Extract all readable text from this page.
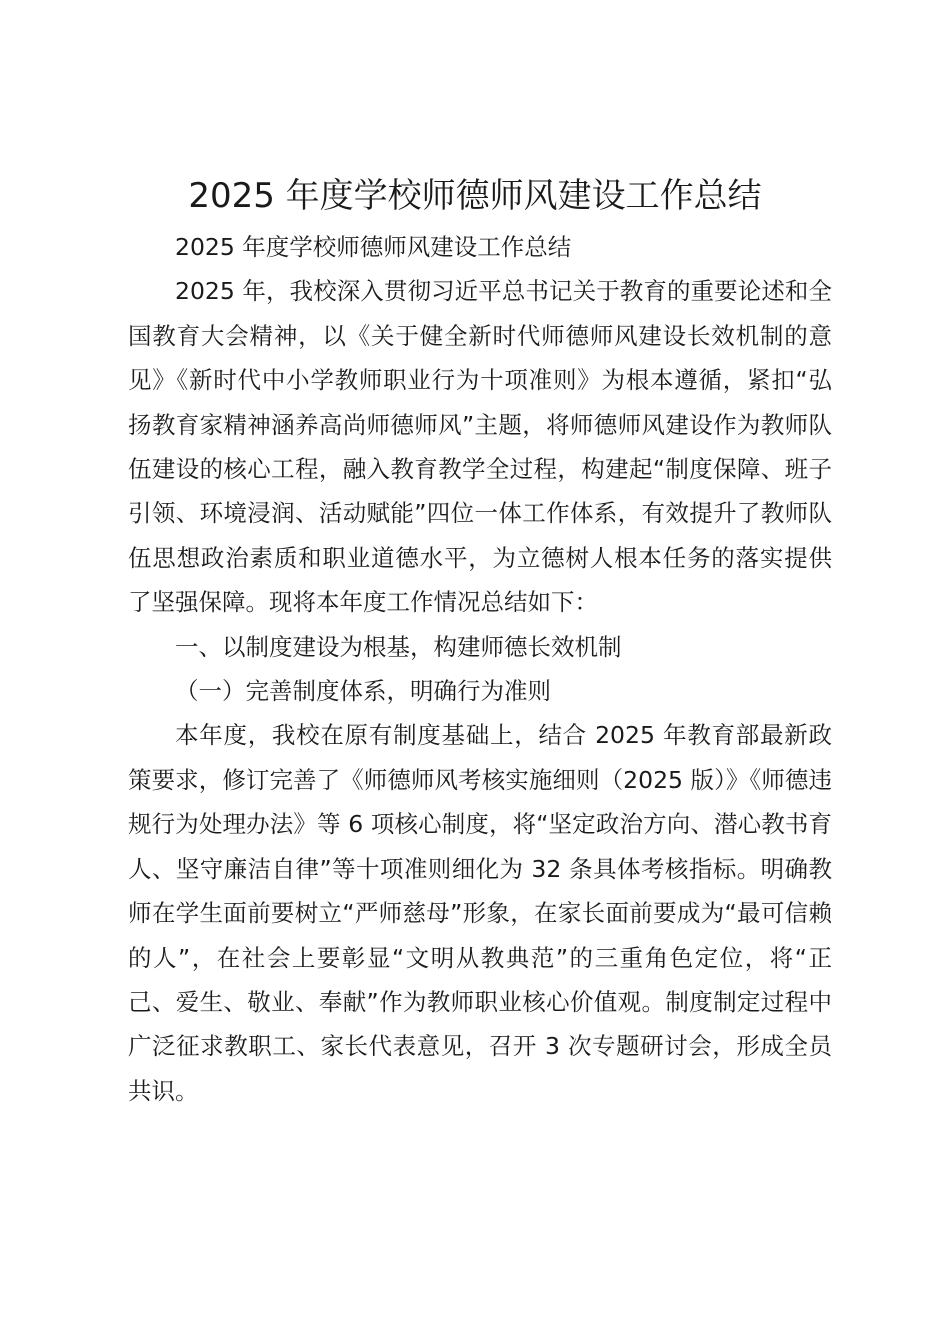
2025 年度学校师德师风建设工作总结

2025 年度学校师德师风建设工作总结

2025 年，我校深入贯彻习近平总书记关于教育的重要论述和全国教育大会精神，以《关于健全新时代师德师风建设长效机制的意见》《新时代中小学教师职业行为十项准则》为根本遵循，紧扣“弘扬教育家精神涵养高尚师德师风”主题，将师德师风建设作为教师队伍建设的核心工程，融入教育教学全过程，构建起“制度保障、班子引领、环境浸润、活动赋能”四位一体工作体系，有效提升了教师队伍思想政治素质和职业道德水平，为立德树人根本任务的落实提供了坚强保障。现将本年度工作情况总结如下：

一、以制度建设为根基，构建师德长效机制

（一）完善制度体系，明确行为准则

本年度，我校在原有制度基础上，结合 2025 年教育部最新政策要求，修订完善了《师德师风考核实施细则（2025 版）》《师德违规行为处理办法》等 6 项核心制度，将“坚定政治方向、潜心教书育人、坚守廉洁自律”等十项准则细化为 32 条具体考核指标。明确教师在学生面前要树立“严师慈母”形象，在家长面前要成为“最可信赖的人”，在社会上要彰显“文明从教典范”的三重角色定位，将“正己、爱生、敬业、奉献”作为教师职业核心价值观。制度制定过程中广泛征求教职工、家长代表意见，召开 3 次专题研讨会，形成全员共识。
